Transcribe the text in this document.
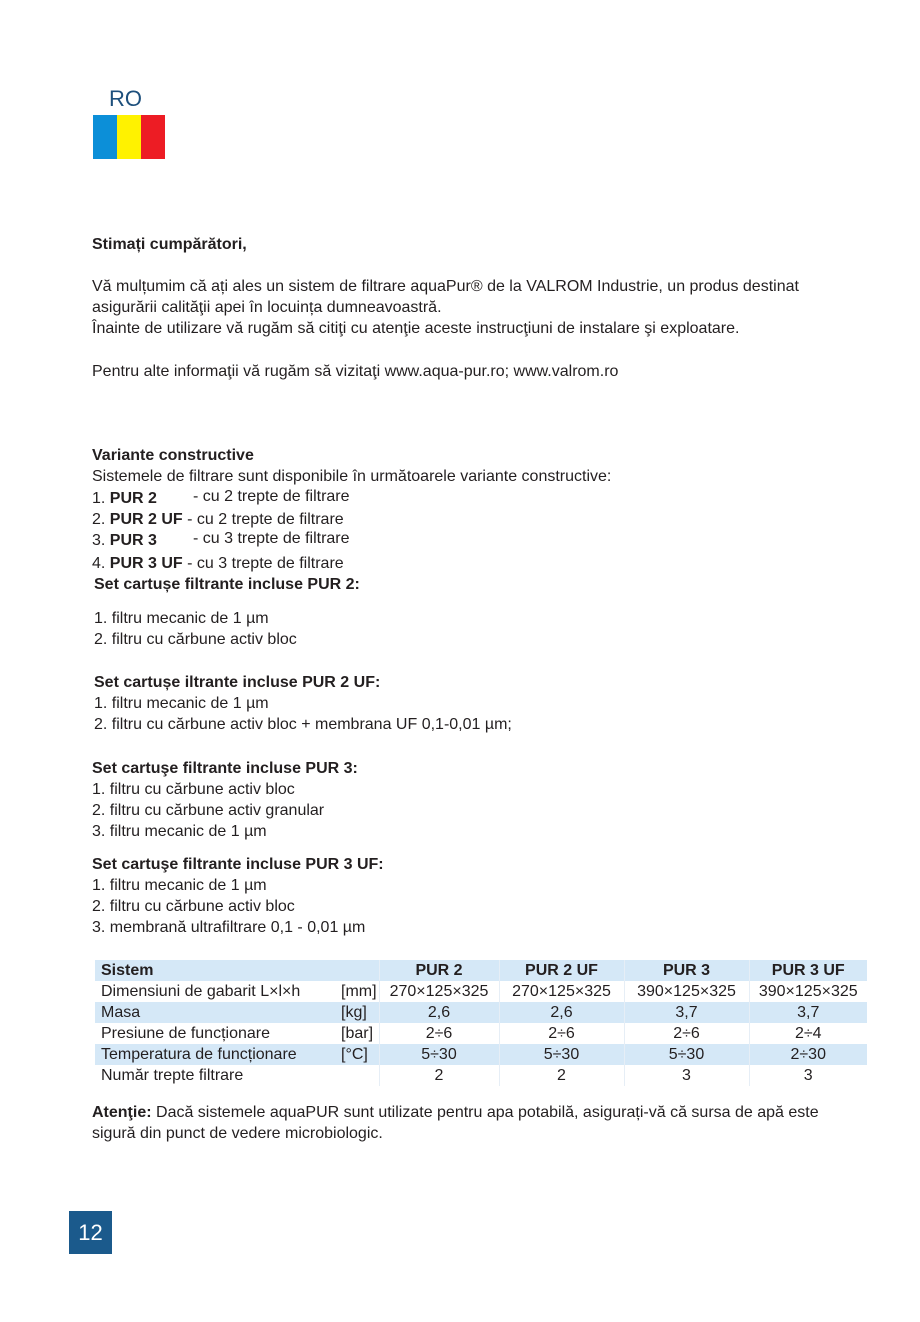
RO
Stimați cumpărători,
Vă mulțumim că ați ales un sistem de filtrare aquaPur® de la VALROM Industrie, un produs destinat
asigurării calităţii apei în locuința dumneavoastră.
Înainte de utilizare vă rugăm să citiţi cu atenţie aceste instrucţiuni de instalare şi exploatare.
Pentru alte informaţii vă rugăm să vizitaţi www.aqua-pur.ro; www.valrom.ro
Variante constructive
Sistemele de filtrare sunt disponibile în următoarele variante constructive:
1. PUR 2 - cu 2 trepte de filtrare
2. PUR 2 UF - cu 2 trepte de filtrare
3. PUR 3 - cu 3 trepte de filtrare
4. PUR 3 UF - cu 3 trepte de filtrare
Set cartușe filtrante incluse PUR 2:
1. filtru mecanic de 1 µm
2. filtru cu cărbune activ bloc
Set cartușe iltrante incluse PUR 2 UF:
1. filtru mecanic de 1 µm
2. filtru cu cărbune activ bloc + membrana UF 0,1-0,01 µm;
Set cartuşe filtrante incluse PUR 3:
1. filtru cu cărbune activ bloc
2. filtru cu cărbune activ granular
3. filtru mecanic de 1 µm
Set cartuşe filtrante incluse PUR 3 UF:
1. filtru mecanic de 1 µm
2. filtru cu cărbune activ bloc
3. membrană ultrafiltrare 0,1 - 0,01 µm
Sistem		PUR 2	PUR 2 UF	PUR 3	PUR 3 UF
Dimensiuni de gabarit L×l×h	[mm]	270×125×325	270×125×325	390×125×325	390×125×325
Masa	[kg]	2,6	2,6	3,7	3,7
Presiune de funcționare	[bar]	2÷6	2÷6	2÷6	2÷4
Temperatura de funcționare	[°C]	5÷30	5÷30	5÷30	2÷30
Număr trepte filtrare		2	2	3	3
Atenţie: Dacă sistemele aquaPUR sunt utilizate pentru apa potabilă, asigurați-vă că sursa de apă este
sigură din punct de vedere microbiologic.
12
